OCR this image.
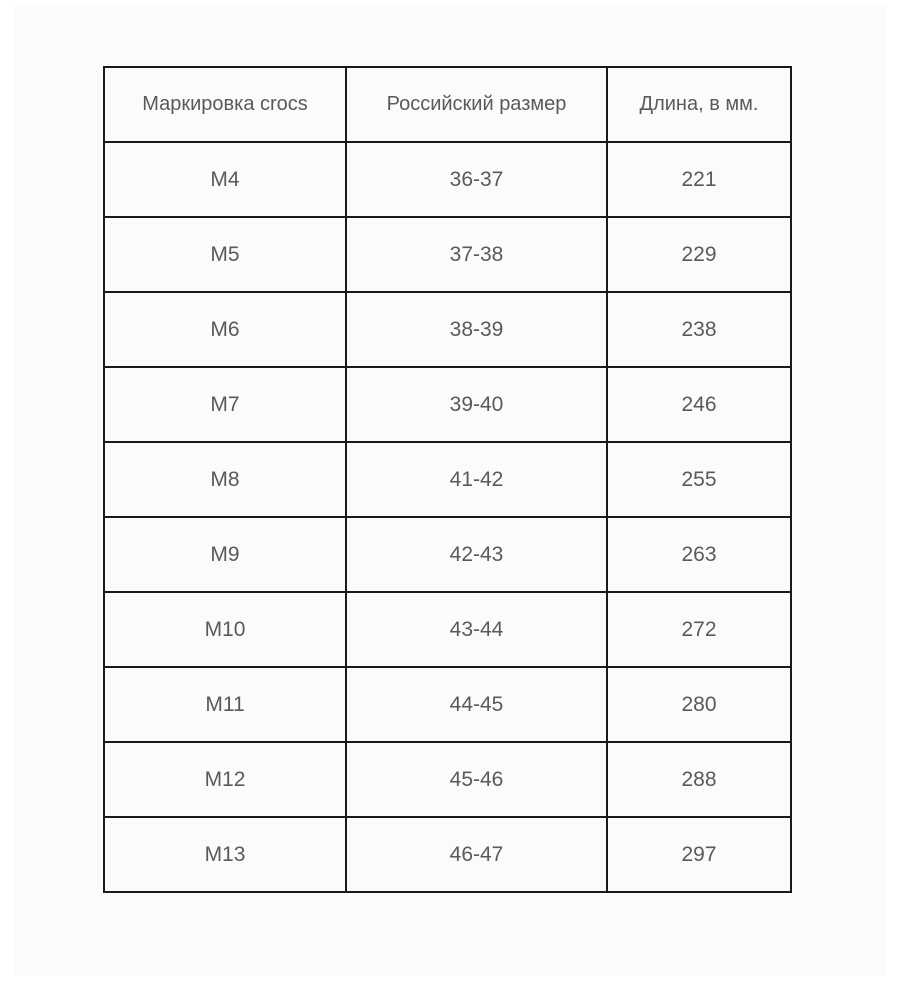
Маркировка crocs	Российский размер	Длина, в мм.
M4	36-37	221
M5	37-38	229
M6	38-39	238
M7	39-40	246
M8	41-42	255
M9	42-43	263
M10	43-44	272
M11	44-45	280
M12	45-46	288
M13	46-47	297
